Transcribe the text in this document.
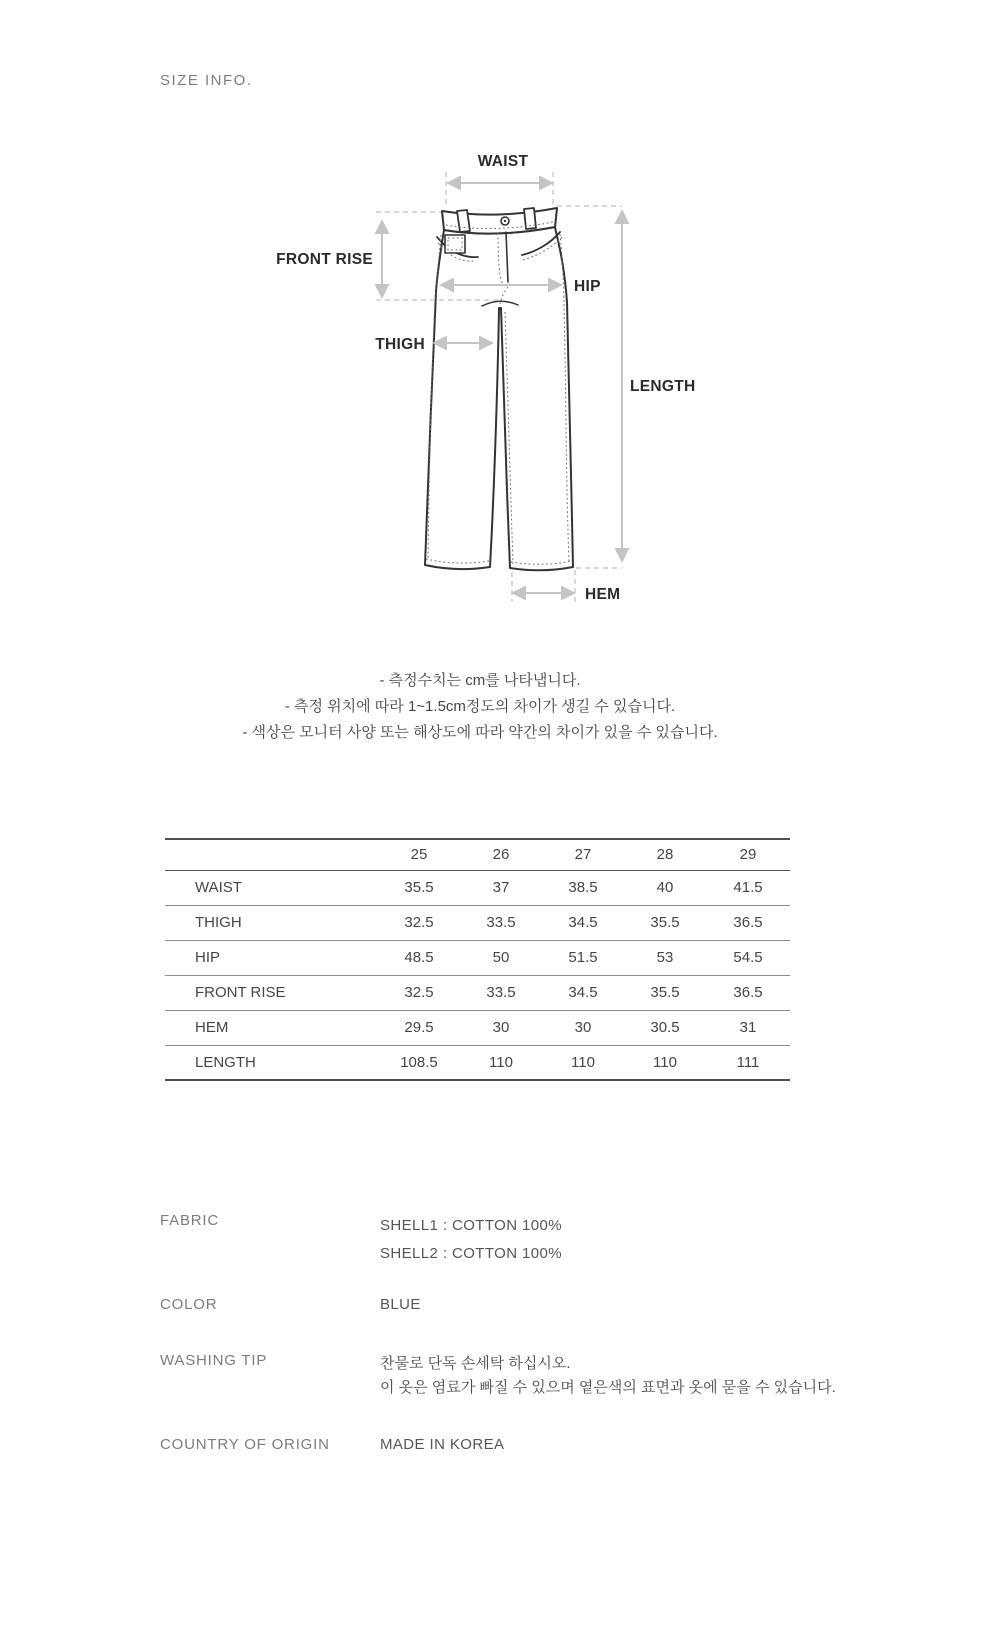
SIZE INFO.
WAIST
FRONT RISE
HIP
THIGH
LENGTH
HEM
- 측정수치는 cm를 나타냅니다.
- 측정 위치에 따라 1~1.5cm정도의 차이가 생길 수 있습니다.
- 색상은 모니터 사양 또는 해상도에 따라 약간의 차이가 있을 수 있습니다.
	25	26	27	28	29
WAIST	35.5	37	38.5	40	41.5
THIGH	32.5	33.5	34.5	35.5	36.5
HIP	48.5	50	51.5	53	54.5
FRONT RISE	32.5	33.5	34.5	35.5	36.5
HEM	29.5	30	30	30.5	31
LENGTH	108.5	110	110	110	111
FABRIC	SHELL1 : COTTON 100%
SHELL2 : COTTON 100%
COLOR	BLUE
WASHING TIP	찬물로 단독 손세탁 하십시오.
이 옷은 염료가 빠질 수 있으며 옅은색의 표면과 옷에 묻을 수 있습니다.
COUNTRY OF ORIGIN	MADE IN KOREA
